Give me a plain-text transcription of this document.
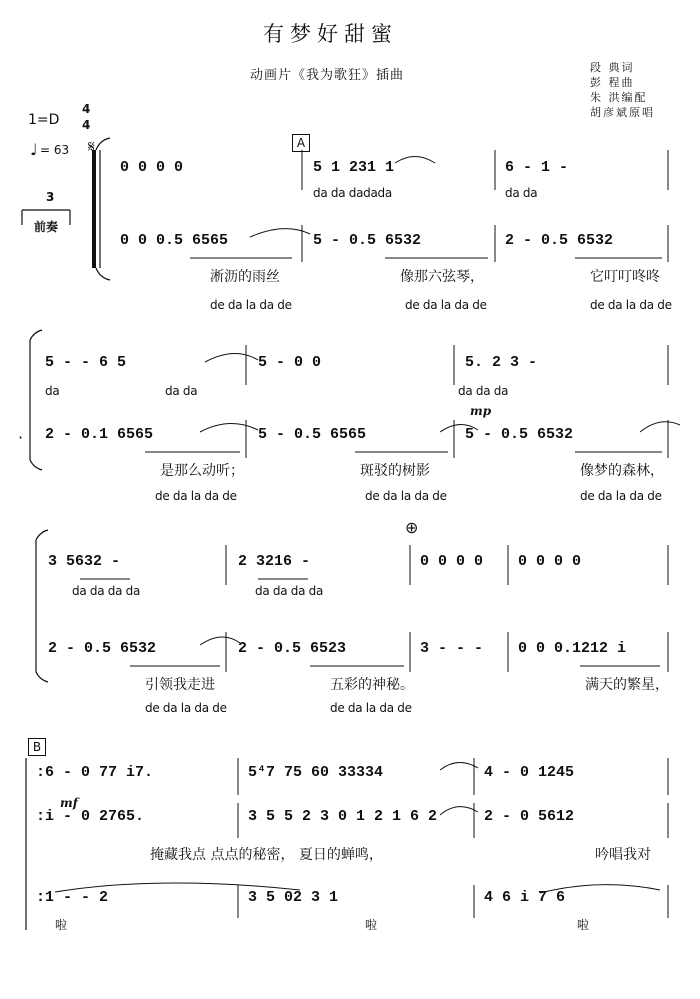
有梦好甜蜜
动画片《我为歌狂》插曲
段 典词
彭 程曲
朱 洪编配
胡彦斌原唱
1=D
4
4
♩ = 63 𝄋
3
前奏
·
A
B
⊕
mp
mf
0 0 0 0	5 1 231 1	6 - 1 -
0 0 0.5 6565	5 - 0.5 6532	2 - 0.5 6532
5 - - 6 5	5 - 0 0	5. 2 3 -
2 - 0.1 6565	5 - 0.5 6565	5 - 0.5 6532
3 5632 -	2 3216 -	0 0 0 0 0 0 0 0
2 - 0.5 6532	2 - 0.5 6523	3 - - - 0 0 0.1212 i
:6 - 0 77 i7.	5⁴7 75 60 33334	4 - 0 1245
:i - 0 2765.	3 5 5 2 3 0 1 2 1 6 2	2 - 0 5612
:1 - - 2	3 5 02 3 1	4 6 i 7 6
淅沥的雨丝	像那六弦琴，	它叮叮咚咚
是那么动听；	斑驳的树影	像梦的森林，
引领我走进	五彩的神秘。	满天的繁星，
掩藏我点 点点的秘密， 夏日的蝉鸣，	吟唱我对
da da dadada	da da
de da la da de	de da la da de	de da la da de
da	da da	da da da
de da la da de	de da la da de	de da la da de
da da da da	da da da da
de da la da de	de da la da de
啦	啦	啦
